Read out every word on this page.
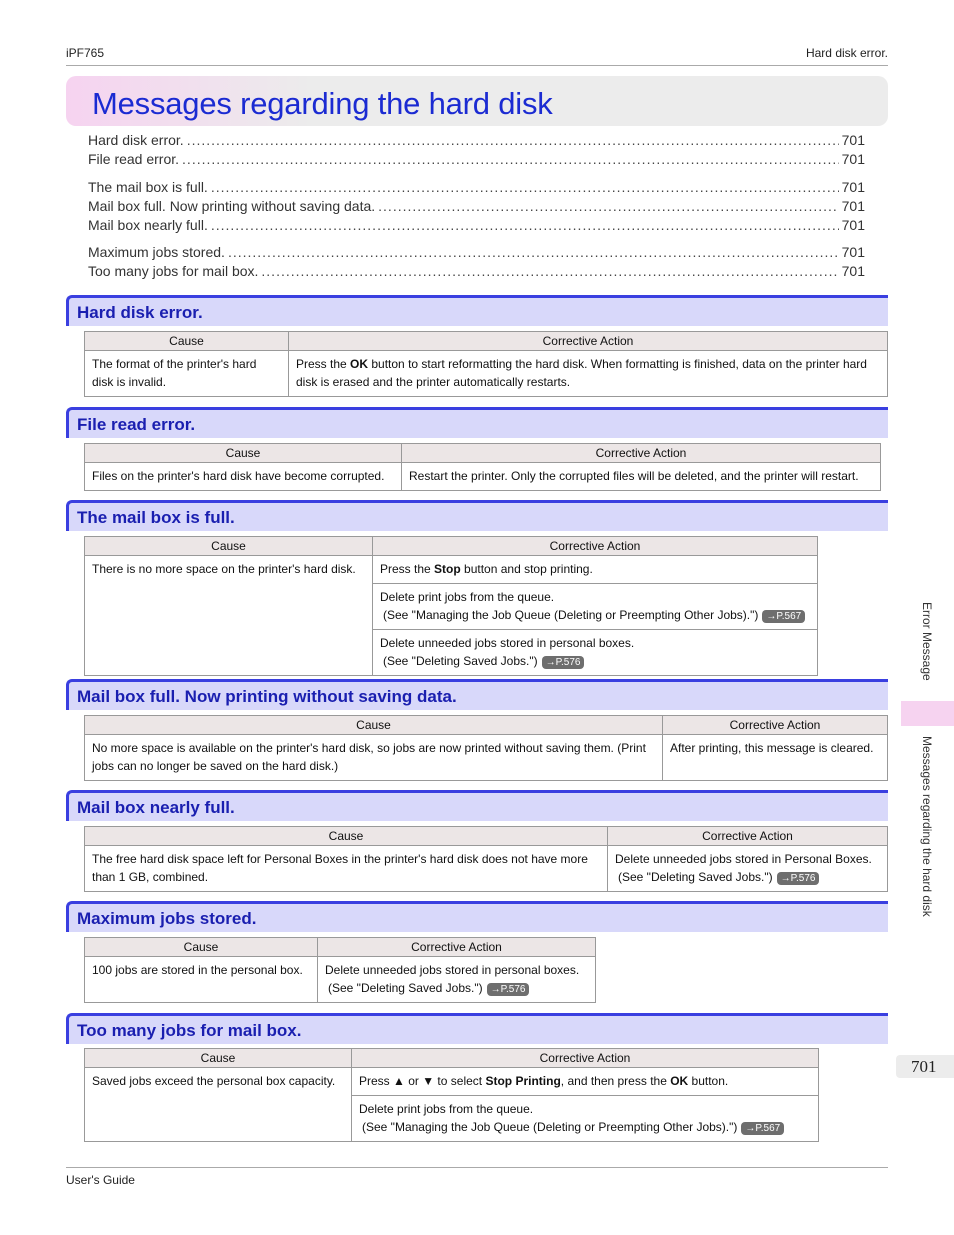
iPF765	Hard disk error.
Messages regarding the hard disk
Hard disk error. .....	701
File read error. .....	701
The mail box is full. .....	701
Mail box full. Now printing without saving data. .....	701
Mail box nearly full. .....	701
Maximum jobs stored. .....	701
Too many jobs for mail box. .....	701
Hard disk error.
Cause	Corrective Action
The format of the printer's hard disk is invalid.	Press the OK button to start reformatting the hard disk. When formatting is finished, data on the printer hard disk is erased and the printer automatically restarts.
File read error.
Cause	Corrective Action
Files on the printer's hard disk have become corrupted.	Restart the printer. Only the corrupted files will be deleted, and the printer will restart.
The mail box is full.
Cause	Corrective Action
There is no more space on the printer's hard disk.	Press the Stop button and stop printing.
	Delete print jobs from the queue.
(See "Managing the Job Queue (Deleting or Preempting Other Jobs).") →P.567

	Delete unneeded jobs stored in personal boxes.
(See "Deleting Saved Jobs.") →P.576
Mail box full. Now printing without saving data.
Cause	Corrective Action
No more space is available on the printer's hard disk, so jobs are now printed without saving them. (Print jobs can no longer be saved on the hard disk.)	After printing, this message is cleared.
Mail box nearly full.
Cause	Corrective Action
The free hard disk space left for Personal Boxes in the printer's hard disk does not have more than 1 GB, combined.	Delete unneeded jobs stored in Personal Boxes.
(See "Deleting Saved Jobs.") →P.576
Maximum jobs stored.
Cause	Corrective Action
100 jobs are stored in the personal box.	Delete unneeded jobs stored in personal boxes.
(See "Deleting Saved Jobs.") →P.576
Too many jobs for mail box.
Cause	Corrective Action
Saved jobs exceed the personal box capacity.	Press ▲ or ▼ to select Stop Printing, and then press the OK button.
	Delete print jobs from the queue.
(See "Managing the Job Queue (Deleting or Preempting Other Jobs).") →P.567
Error Message
Messages regarding the hard disk
701
User's Guide
